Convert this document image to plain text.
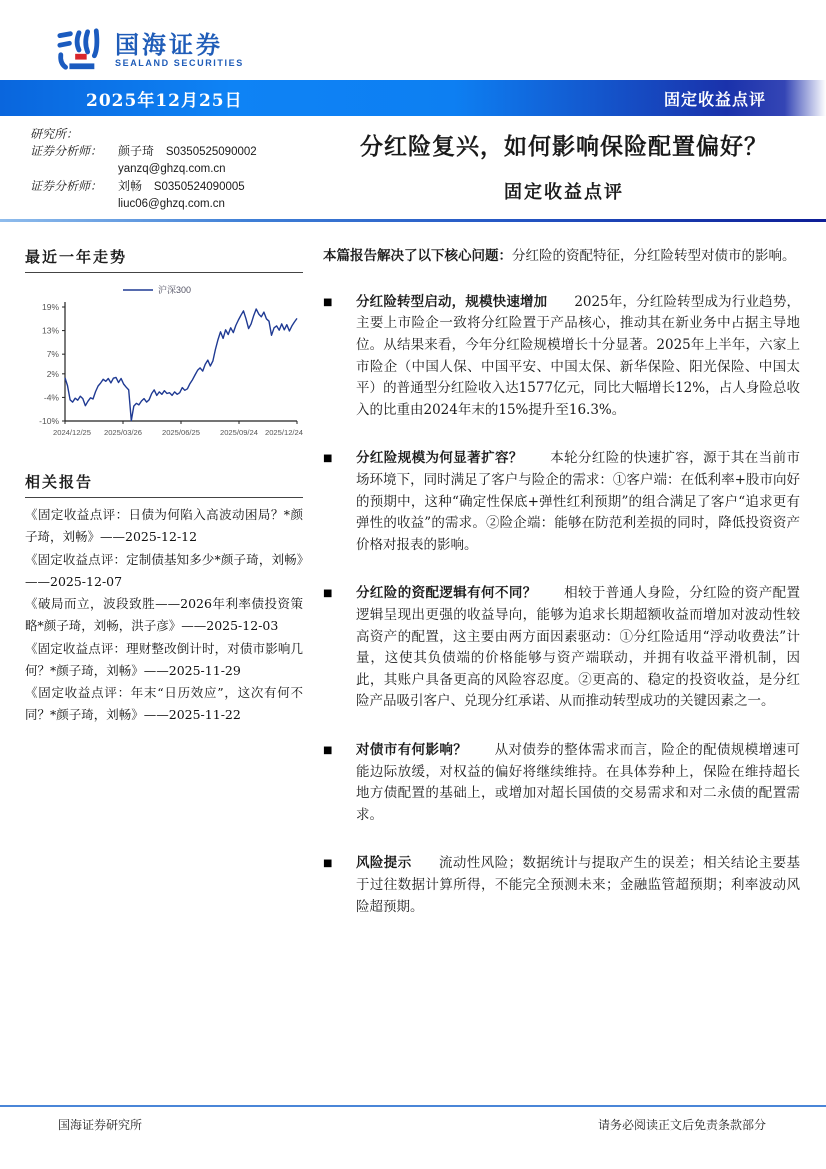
国海证券
SEALAND SECURITIES
2025年12月25日	固定收益点评
研究所：
证券分析师：	颜子琦 S0350525090002
yanzq@ghzq.com.cn
证券分析师：	刘畅 S0350524090005
liuc06@ghzq.com.cn
分红险复兴，如何影响保险配置偏好？
固定收益点评
最近一年走势
沪深300
19%
13%
7%
2%
-4%
-10%
2024/12/25 2025/03/26	2025/06/25	2025/09/24 2025/12/24
相关报告
《固定收益点评：日债为何陷入高波动困局？*颜子琦，刘畅》——2025-12-12
《固定收益点评：定制债基知多少*颜子琦，刘畅》——2025-12-07
《破局而立，波段致胜——2026年利率债投资策略*颜子琦，刘畅，洪子彦》——2025-12-03
《固定收益点评：理财整改倒计时，对债市影响几何？*颜子琦，刘畅》——2025-11-29
《固定收益点评：年末“日历效应”，这次有何不同？*颜子琦，刘畅》——2025-11-22

本篇报告解决了以下核心问题：分红险的资配特征，分红险转型对债市的影响。

■ 分红险转型启动，规模快速增加 2025年，分红险转型成为行业趋势，主要上市险企一致将分红险置于产品核心，推动其在新业务中占据主导地位。从结果来看，今年分红险规模增长十分显著。2025年上半年，六家上市险企（中国人保、中国平安、中国太保、新华保险、阳光保险、中国太平）的普通型分红险收入达1577亿元，同比大幅增长12%，占人身险总收入的比重由2024年末的15%提升至16.3%。
■ 分红险规模为何显著扩容？ 本轮分红险的快速扩容，源于其在当前市场环境下，同时满足了客户与险企的需求：①客户端：在低利率+股市向好的预期中，这种“确定性保底+弹性红利预期”的组合满足了客户“追求更有弹性的收益”的需求。②险企端：能够在防范利差损的同时，降低投资资产价格对报表的影响。
■ 分红险的资配逻辑有何不同？ 相较于普通人身险，分红险的资产配置逻辑呈现出更强的收益导向，能够为追求长期超额收益而增加对波动性较高资产的配置，这主要由两方面因素驱动：①分红险适用“浮动收费法”计量，这使其负债端的价格能够与资产端联动，并拥有收益平滑机制，因此，其账户具备更高的风险容忍度。②更高的、稳定的投资收益，是分红险产品吸引客户、兑现分红承诺、从而推动转型成功的关键因素之一。
■ 对债市有何影响？ 从对债券的整体需求而言，险企的配债规模增速可能边际放缓，对权益的偏好将继续维持。在具体券种上，保险在维持超长地方债配置的基础上，或增加对超长国债的交易需求和对二永债的配置需求。
■ 风险提示 流动性风险；数据统计与提取产生的误差；相关结论主要基于过往数据计算所得，不能完全预测未来；金融监管超预期；利率波动风险超预期。
国海证券研究所	请务必阅读正文后免责条款部分
